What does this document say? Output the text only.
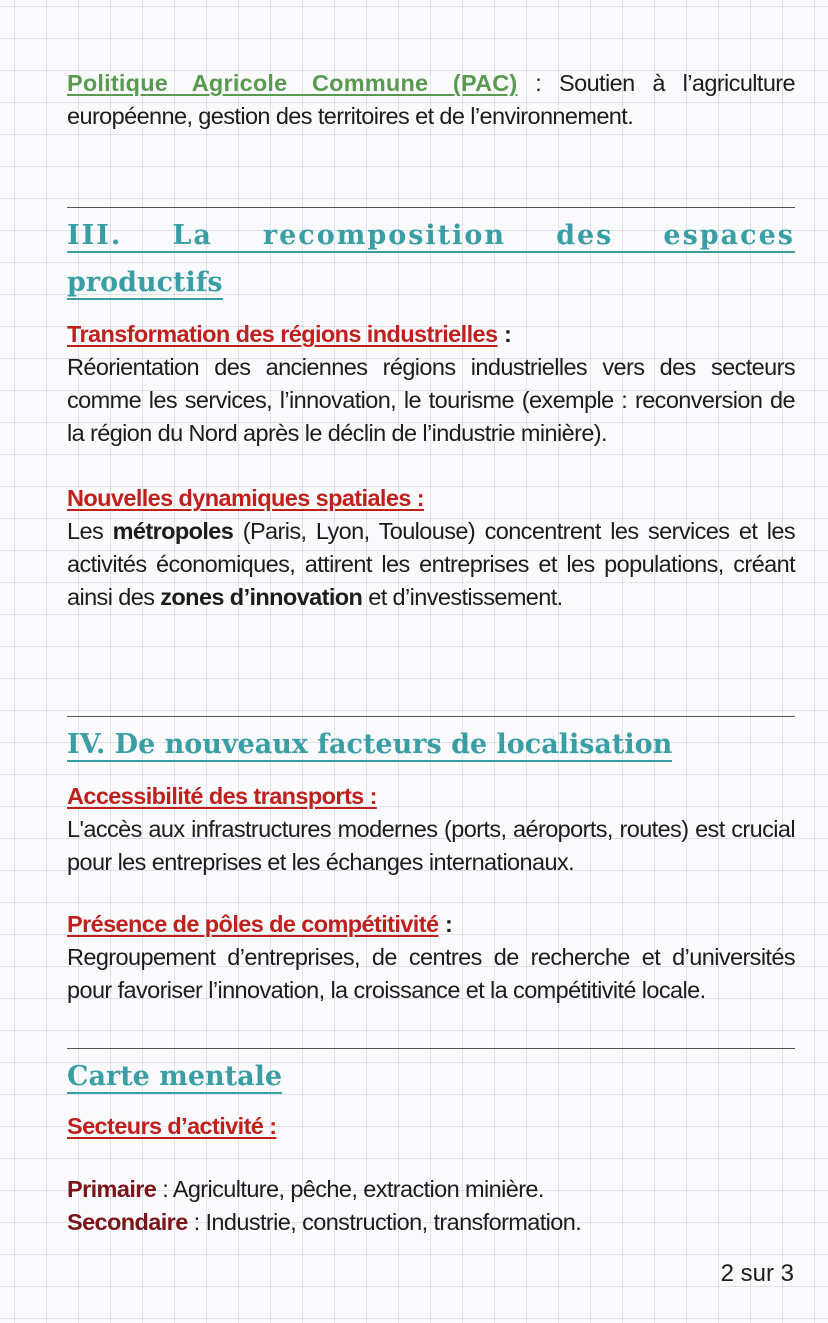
Politique Agricole Commune (PAC) : Soutien à l’agriculture européenne, gestion des territoires et de l’environnement.

III. La recomposition des espaces
productifs
Transformation des régions industrielles :

Réorientation des anciennes régions industrielles vers des secteurs comme les services, l’innovation, le tourisme (exemple : reconversion de la région du Nord après le déclin de l’industrie minière).

Nouvelles dynamiques spatiales :

Les métropoles (Paris, Lyon, Toulouse) concentrent les services et les activités économiques, attirent les entreprises et les populations, créant ainsi des zones d’innovation et d’investissement.

IV. De nouveaux facteurs de localisation
Accessibilité des transports :

L'accès aux infrastructures modernes (ports, aéroports, routes) est crucial pour les entreprises et les échanges internationaux.

Présence de pôles de compétitivité :

Regroupement d’entreprises, de centres de recherche et d’universités pour favoriser l’innovation, la croissance et la compétitivité locale.

Carte mentale
Secteurs d’activité :
Primaire : Agriculture, pêche, extraction minière.
Secondaire : Industrie, construction, transformation.
2 sur 3
